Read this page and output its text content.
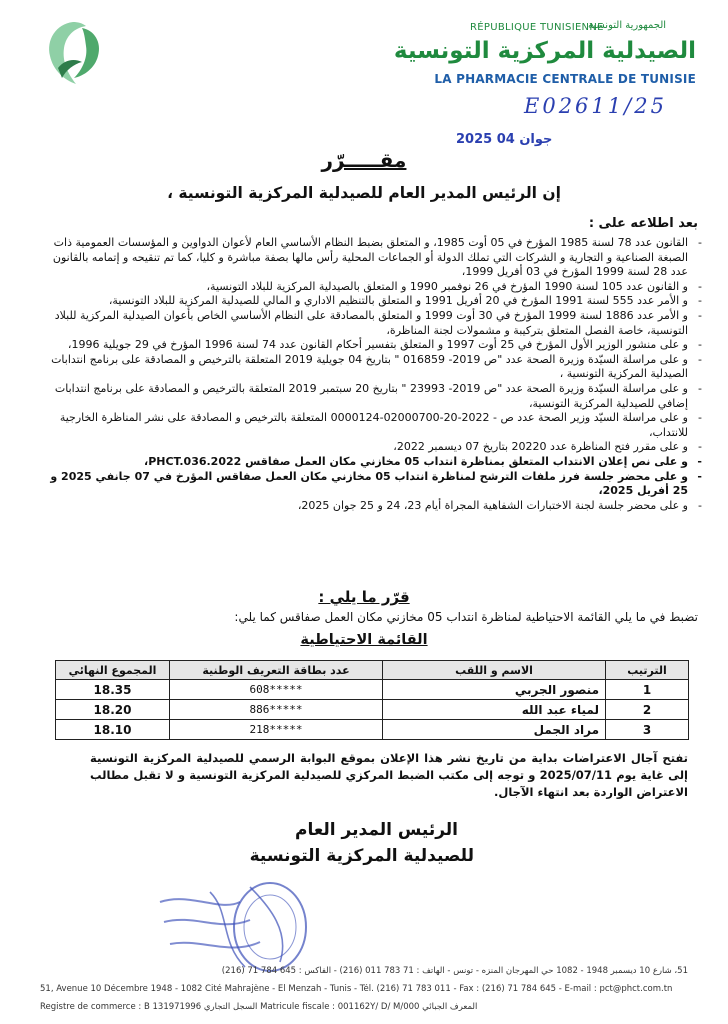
RÉPUBLIQUE TUNISIENNE
الجمهورية التونسية
الصيدلية المركزية التونسية
LA PHARMACIE CENTRALE DE TUNISIE
E02611/25
2025 جوان 04
مقـــــرّر
إن الرئيس المدير العام للصيدلية المركزية التونسية ،
بعد اطلاعه على :
- القانون عدد 78 لسنة 1985 المؤرخ في 05 أوت 1985، و المتعلق بضبط النظام الأساسي العام لأعوان الدواوين و المؤسسات العمومية ذات الصبغة الصناعية و التجارية و الشركات التي تملك الدولة أو الجماعات المحلية رأس مالها بصفة مباشرة و كليا، كما تم تنقيحه و إتمامه بالقانون عدد 28 لسنة 1999 المؤرخ في 03 أفريل 1999،
- و القانون عدد 105 لسنة 1990 المؤرخ في 26 نوفمبر 1990 و المتعلق بالصيدلية المركزية للبلاد التونسية،
- و الأمر عدد 555 لسنة 1991 المؤرخ في 20 أفريل 1991 و المتعلق بالتنظيم الاداري و المالي للصيدلية المركزية للبلاد التونسية،
- و الأمر عدد 1886 لسنة 1999 المؤرخ في 30 أوت 1999 و المتعلق بالمصادقة على النظام الأساسي الخاص بأعوان الصيدلية المركزية للبلاد التونسية، خاصة الفصل المتعلق بتركيبة و مشمولات لجنة المناظرة،
- و على منشور الوزير الأول المؤرخ في 25 أوت 1997 و المتعلق بتفسير أحكام القانون عدد 74 لسنة 1996 المؤرخ في 29 جويلية 1996،
- و على مراسلة السيّدة وزيرة الصحة عدد "ص 2019- 016859 " بتاريخ 04 جويلية 2019 المتعلقة بالترخيص و المصادقة على برنامج انتدابات الصيدلية المركزية التونسية ،
- و على مراسلة السيّدة وزيرة الصحة عدد "ص 2019- 23993 " بتاريخ 20 سبتمبر 2019 المتعلقة بالترخيص و المصادقة على برنامج انتدابات إضافي للصيدلية المركزية التونسية،
- و على مراسلة السيّد وزير الصحة عدد ص - 2022-20-02000700-0000124 المتعلقة بالترخيص و المصادقة على نشر المناظرة الخارجية للانتداب،
- و على مقرر فتح المناظرة عدد 20220 بتاريخ 07 ديسمبر 2022،
- و على نص إعلان الانتداب المتعلق بمناظرة انتداب 05 مخازني مكان العمل صفاقس PHCT.036.2022،
- و على محضر جلسة فرز ملفات الترشح لمناظرة انتداب 05 مخازني مكان العمل صفاقس المؤرخ في 07 جانفي 2025 و 25 أفريل 2025،
- و على محضر جلسة لجنة الاختبارات الشفاهية المجراة أيام 23، 24 و 25 جوان 2025،
قرّر ما يلي :
تضبط في ما يلي القائمة الاحتياطية لمناظرة انتداب 05 مخازني مكان العمل صفاقس كما يلي:
القائمة الاحتياطية
الترتيب	الاسم و اللقب	عدد بطاقة التعريف الوطنية	المجموع النهائي
1	منصور الجربي	608*****	18.35
2	لمياء عبد الله	886*****	18.20
3	مراد الجمل	218*****	18.10
تفتح آجال الاعتراضات بداية من تاريخ نشر هذا الإعلان بموقع البوابة الرسمي للصيدلية المركزية التونسية إلى غاية يوم 2025/07/11 و توجه إلى مكتب الضبط المركزي للصيدلية المركزية التونسية و لا تقبل مطالب الاعتراض الواردة بعد انتهاء الآجال.
الرئيس المدير العام
للصيدلية المركزية التونسية
51، شارع 10 ديسمبر 1948 - 1082 حي المهرجان المنزه - تونس - الهاتف : 71 783 011 (216) - الفاكس : 645 784 71 (216)
51, Avenue 10 Décembre 1948 - 1082 Cité Mahrajène - El Menzah - Tunis - Tél. (216) 71 783 011 - Fax : (216) 71 784 645 - E-mail : pct@phct.com.tn
Registre de commerce : B 131971996 السجل التجاري Matricule fiscale : 001162Y/ D/ M/000 المعرف الجبائي
